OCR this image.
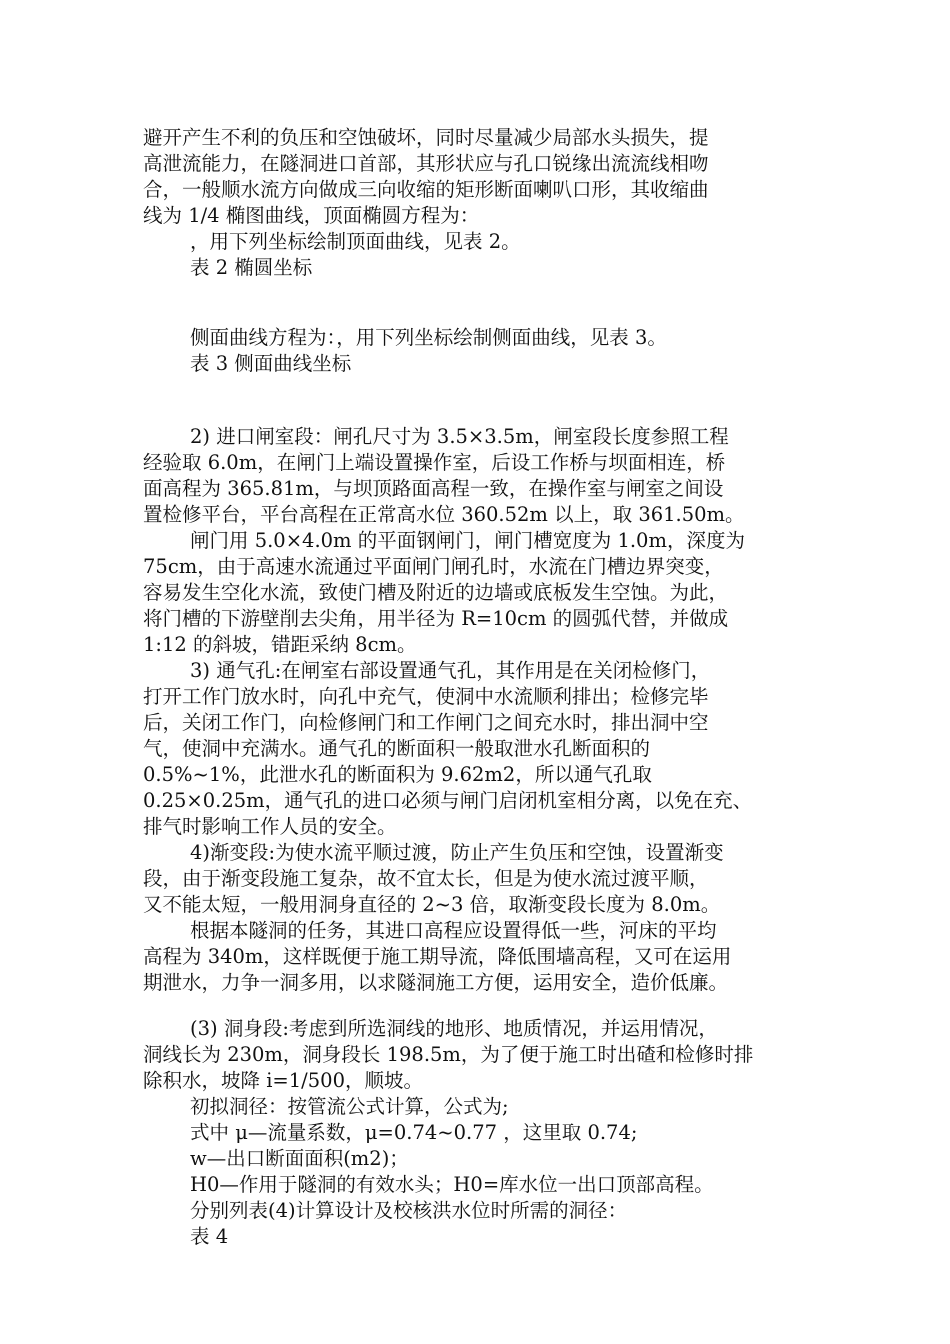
避开产生不利的负压和空蚀破坏，同时尽量减少局部水头损失，提
高泄流能力，在隧洞进口首部，其形状应与孔口锐缘出流流线相吻
合，一般顺水流方向做成三向收缩的矩形断面喇叭口形，其收缩曲
线为 1/4 椭图曲线，顶面椭圆方程为：
，用下列坐标绘制顶面曲线，见表 2。
表 2 椭圆坐标
侧面曲线方程为：，用下列坐标绘制侧面曲线，见表 3。
表 3 侧面曲线坐标
2) 进口闸室段：闸孔尺寸为 3.5×3.5m，闸室段长度参照工程
经验取 6.0m，在闸门上端设置操作室，后设工作桥与坝面相连，桥
面高程为 365.81m，与坝顶路面高程一致，在操作室与闸室之间设
置检修平台，平台高程在正常高水位 360.52m 以上，取 361.50m。
闸门用 5.0×4.0m 的平面钢闸门，闸门槽宽度为 1.0m，深度为
75cm，由于高速水流通过平面闸门闸孔时，水流在门槽边界突变，
容易发生空化水流，致使门槽及附近的边墙或底板发生空蚀。为此，
将门槽的下游壁削去尖角，用半径为 R=10cm 的圆弧代替，并做成
1:12 的斜坡，错距采纳 8cm。
3) 通气孔:在闸室右部设置通气孔，其作用是在关闭检修门，
打开工作门放水时，向孔中充气，使洞中水流顺利排出；检修完毕
后，关闭工作门，向检修闸门和工作闸门之间充水时，排出洞中空
气，使洞中充满水。通气孔的断面积一般取泄水孔断面积的
0.5%~1%，此泄水孔的断面积为 9.62m2，所以通气孔取
0.25×0.25m，通气孔的进口必须与闸门启闭机室相分离，以免在充、
排气时影响工作人员的安全。
4)渐变段:为使水流平顺过渡，防止产生负压和空蚀，设置渐变
段，由于渐变段施工复杂，故不宜太长，但是为使水流过渡平顺，
又不能太短，一般用洞身直径的 2~3 倍，取渐变段长度为 8.0m。
根据本隧洞的任务，其进口高程应设置得低一些，河床的平均
高程为 340m，这样既便于施工期导流，降低围墙高程，又可在运用
期泄水，力争一洞多用，以求隧洞施工方便，运用安全，造价低廉。
(3) 洞身段:考虑到所选洞线的地形、地质情况，并运用情况，
洞线长为 230m，洞身段长 198.5m，为了便于施工时出碴和检修时排
除积水，坡降 i=1/500，顺坡。
初拟洞径：按管流公式计算，公式为;
式中 μ—流量系数，μ=0.74~0.77 ，这里取 0.74;
w—出口断面面积(m2)；
H0—作用于隧洞的有效水头；H0=库水位一出口顶部高程。
分别列表(4)计算设计及校核洪水位时所需的洞径：
表 4
